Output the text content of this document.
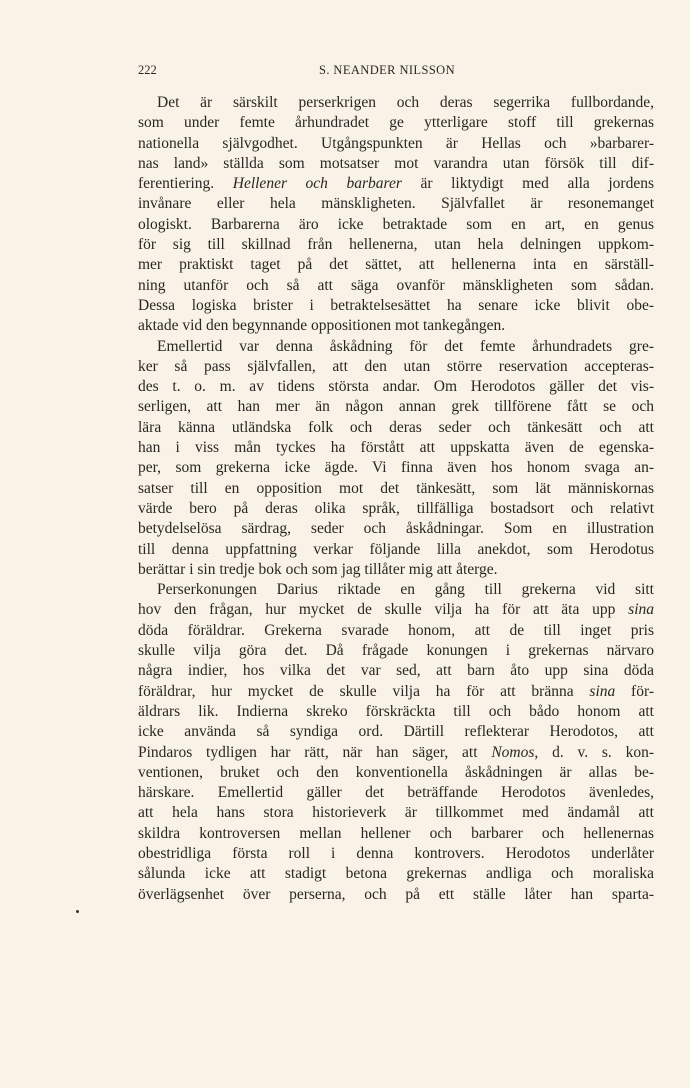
222	S. NEANDER NILSSON
Det är särskilt perserkrigen och deras segerrika fullbordande,
som under femte århundradet ge ytterligare stoff till grekernas
nationella självgodhet. Utgångspunkten är Hellas och »barbarer-
nas land» ställda som motsatser mot varandra utan försök till dif-
ferentiering. Hellener och barbarer är liktydigt med alla jordens
invånare eller hela mänskligheten. Självfallet är resonemanget
ologiskt. Barbarerna äro icke betraktade som en art, en genus
för sig till skillnad från hellenerna, utan hela delningen uppkom-
mer praktiskt taget på det sättet, att hellenerna inta en särställ-
ning utanför och så att säga ovanför mänskligheten som sådan.
Dessa logiska brister i betraktelsesättet ha senare icke blivit obe-
aktade vid den begynnande oppositionen mot tankegången.
Emellertid var denna åskådning för det femte århundradets gre-
ker så pass självfallen, att den utan större reservation accepteras-
des t. o. m. av tidens största andar. Om Herodotos gäller det vis-
serligen, att han mer än någon annan grek tillförene fått se och
lära känna utländska folk och deras seder och tänkesätt och att
han i viss mån tyckes ha förstått att uppskatta även de egenska-
per, som grekerna icke ägde. Vi finna även hos honom svaga an-
satser till en opposition mot det tänkesätt, som lät människornas
värde bero på deras olika språk, tillfälliga bostadsort och relativt
betydelselösa särdrag, seder och åskådningar. Som en illustration
till denna uppfattning verkar följande lilla anekdot, som Herodotus
berättar i sin tredje bok och som jag tillåter mig att återge.
Perserkonungen Darius riktade en gång till grekerna vid sitt
hov den frågan, hur mycket de skulle vilja ha för att äta upp sina
döda föräldrar. Grekerna svarade honom, att de till inget pris
skulle vilja göra det. Då frågade konungen i grekernas närvaro
några indier, hos vilka det var sed, att barn åto upp sina döda
föräldrar, hur mycket de skulle vilja ha för att bränna sina för-
äldrars lik. Indierna skreko förskräckta till och bådo honom att
icke använda så syndiga ord. Därtill reflekterar Herodotos, att
Pindaros tydligen har rätt, när han säger, att Nomos, d. v. s. kon-
ventionen, bruket och den konventionella åskådningen är allas be-
härskare. Emellertid gäller det beträffande Herodotos ävenledes,
att hela hans stora historieverk är tillkommet med ändamål att
skildra kontroversen mellan hellener och barbarer och hellenernas
obestridliga första roll i denna kontrovers. Herodotos underlåter
sålunda icke att stadigt betona grekernas andliga och moraliska
överlägsenhet över perserna, och på ett ställe låter han sparta-
